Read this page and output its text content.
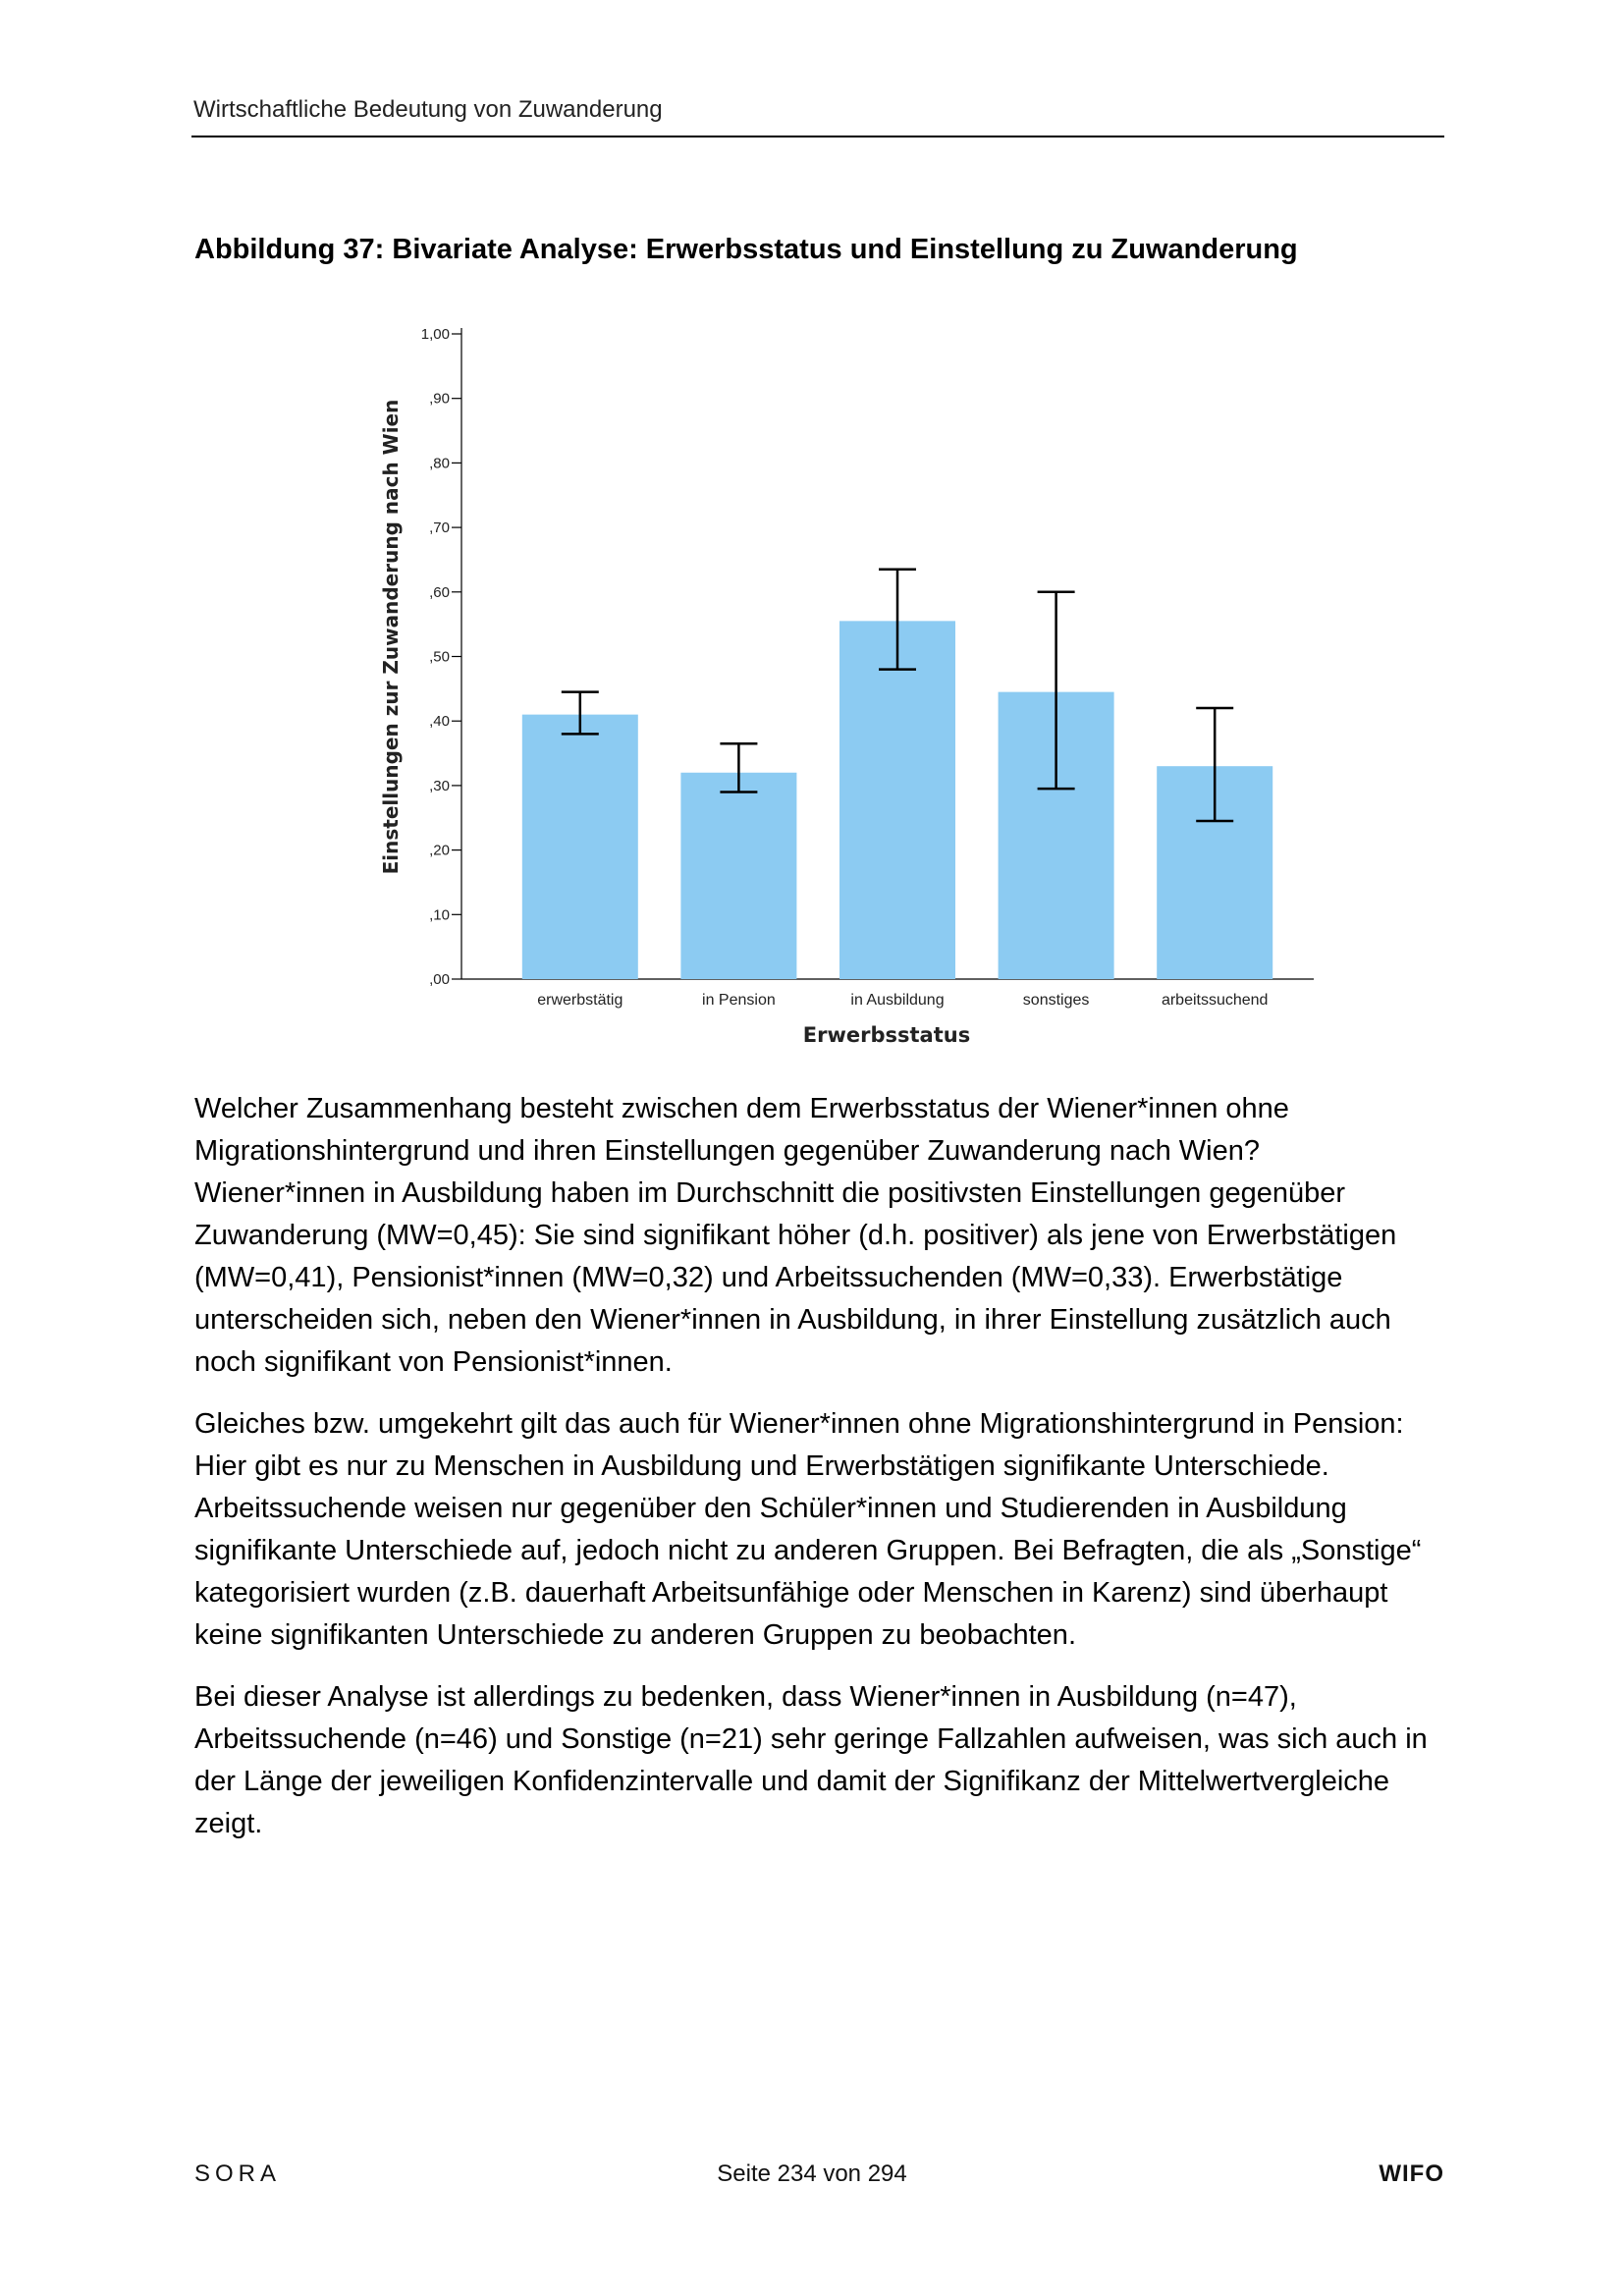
Wirtschaftliche Bedeutung von Zuwanderung
Abbildung 37: Bivariate Analyse: Erwerbsstatus und Einstellung zu Zuwanderung
,00
,10
,20
,30
,40
,50
,60
,70
,80
,90
1,00
Einstellungen zur Zuwanderung nach Wien
erwerbstätig	in Pension	in Ausbildung	sonstiges	arbeitssuchend
Erwerbsstatus

Welcher Zusammenhang besteht zwischen dem Erwerbsstatus der Wiener*innen ohne Migrationshintergrund und ihren Einstellungen gegenüber Zuwanderung nach Wien? Wiener*innen in Ausbildung haben im Durchschnitt die positivsten Einstellungen gegenüber Zuwanderung (MW=0,45): Sie sind signifikant höher (d.h. positiver) als jene von Erwerbstätigen (MW=0,41), Pensionist*innen (MW=0,32) und Arbeitssuchenden (MW=0,33). Erwerbstätige unterscheiden sich, neben den Wiener*innen in Ausbildung, in ihrer Einstellung zusätzlich auch noch signifikant von Pensionist*innen.

Gleiches bzw. umgekehrt gilt das auch für Wiener*innen ohne Migrationshintergrund in Pension: Hier gibt es nur zu Menschen in Ausbildung und Erwerbstätigen signifikante Unterschiede. Arbeitssuchende weisen nur gegenüber den Schüler*innen und Studierenden in Ausbildung signifikante Unterschiede auf, jedoch nicht zu anderen Gruppen. Bei Befragten, die als „Sonstige“ kategorisiert wurden (z.B. dauerhaft Arbeitsunfähige oder Menschen in Karenz) sind überhaupt keine signifikanten Unterschiede zu anderen Gruppen zu beobachten.

Bei dieser Analyse ist allerdings zu bedenken, dass Wiener*innen in Ausbildung (n=47), Arbeitssuchende (n=46) und Sonstige (n=21) sehr geringe Fallzahlen aufweisen, was sich auch in der Länge der jeweiligen Konfidenzintervalle und damit der Signifikanz der Mittelwertvergleiche zeigt.

SORA	Seite 234 von 294	WIFO
